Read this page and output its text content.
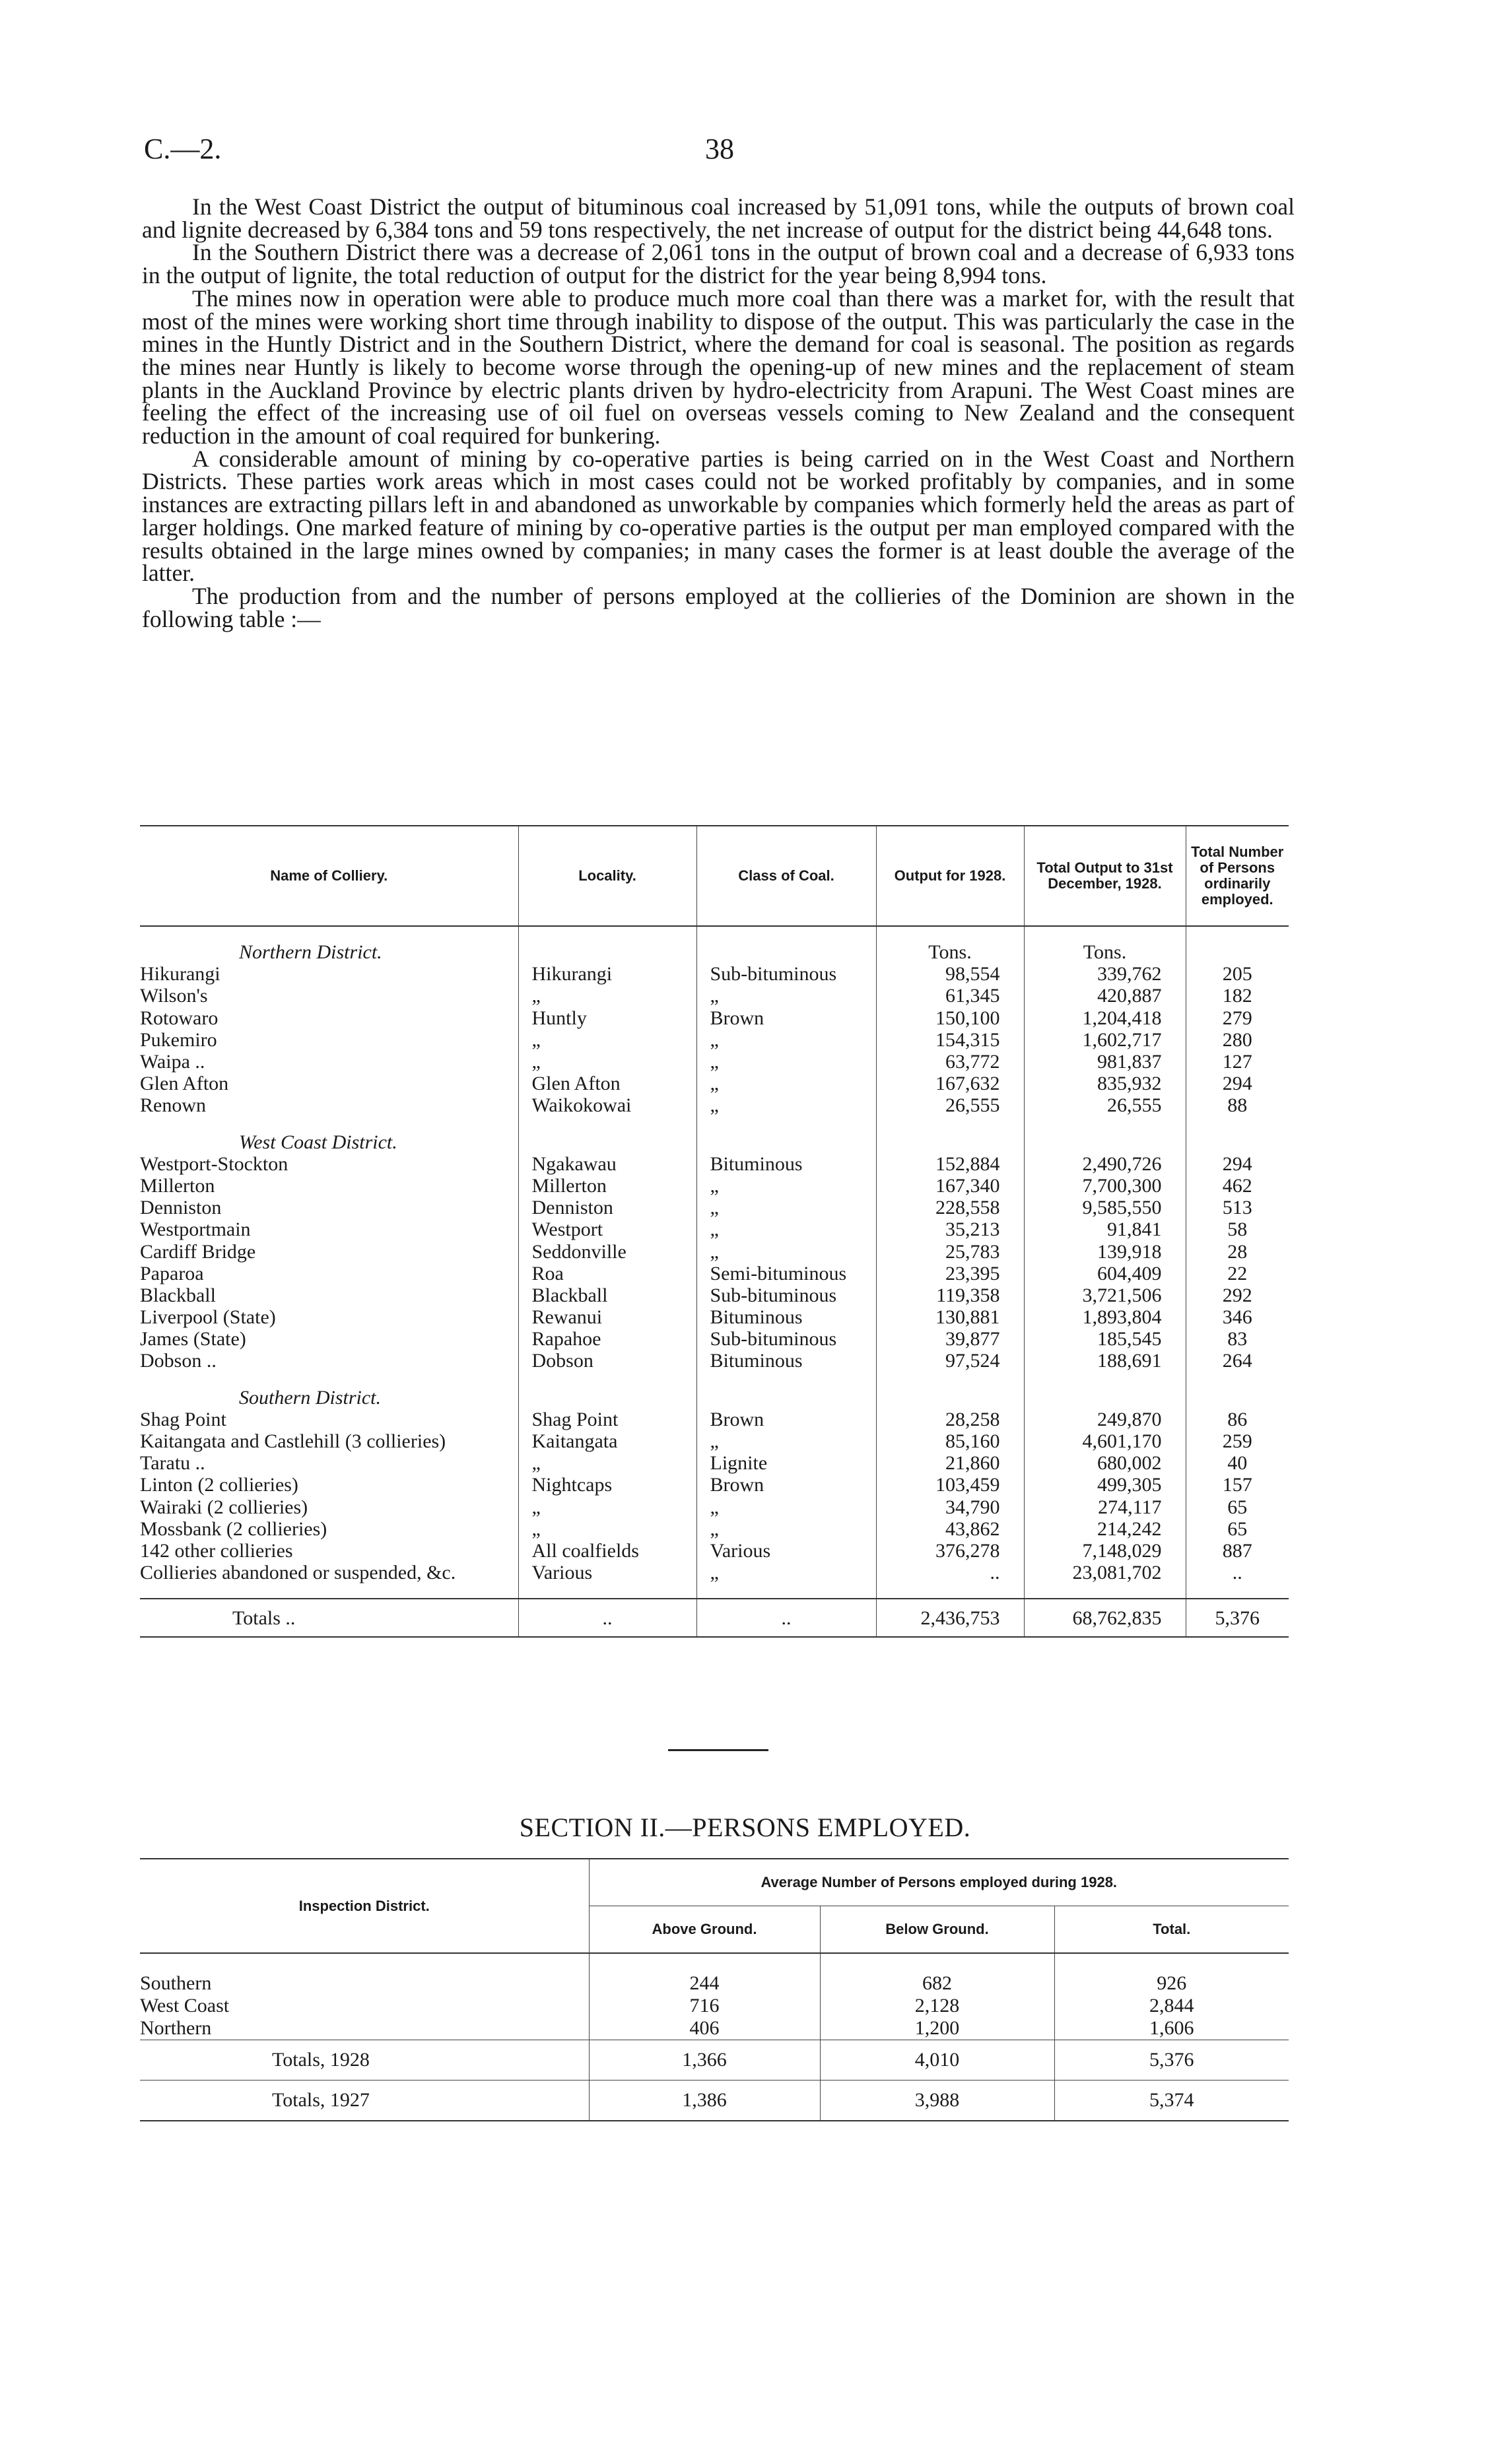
C.—2.	38

In the West Coast District the output of bituminous coal increased by 51,091 tons, while the outputs of brown coal and lignite decreased by 6,384 tons and 59 tons respectively, the net increase of output for the district being 44,648 tons.

In the Southern District there was a decrease of 2,061 tons in the output of brown coal and a decrease of 6,933 tons in the output of lignite, the total reduction of output for the district for the year being 8,994 tons.

The mines now in operation were able to produce much more coal than there was a market for, with the result that most of the mines were working short time through inability to dispose of the output. This was particularly the case in the mines in the Huntly District and in the Southern District, where the demand for coal is seasonal. The position as regards the mines near Huntly is likely to become worse through the opening-up of new mines and the replacement of steam plants in the Auckland Province by electric plants driven by hydro-electricity from Arapuni. The West Coast mines are feeling the effect of the increasing use of oil fuel on overseas vessels coming to New Zealand and the consequent reduction in the amount of coal required for bunkering.

A considerable amount of mining by co-operative parties is being carried on in the West Coast and Northern Districts. These parties work areas which in most cases could not be worked profitably by companies, and in some instances are extracting pillars left in and abandoned as unworkable by companies which formerly held the areas as part of larger holdings. One marked feature of mining by co-operative parties is the output per man employed compared with the results obtained in the large mines owned by companies; in many cases the former is at least double the average of the latter.

The production from and the number of persons employed at the collieries of the Dominion are shown in the following table :—

Name of Colliery.	Locality.	Class of Coal.	Output for 1928.	Total Output to 31st December, 1928.	Total Number of Persons ordinarily employed.

Northern District.			Tons.	Tons.	
Hikurangi	Hikurangi	Sub-bituminous	98,554	339,762	205
Wilson's	„	„	61,345	420,887	182
Rotowaro	Huntly	Brown	150,100	1,204,418	279
Pukemiro	„	„	154,315	1,602,717	280
Waipa ..	„	„	63,772	981,837	127
Glen Afton	Glen Afton	„	167,632	835,932	294
Renown	Waikokowai	„	26,555	26,555	88

West Coast District.					
Westport-Stockton	Ngakawau	Bituminous	152,884	2,490,726	294
Millerton	Millerton	„	167,340	7,700,300	462
Denniston	Denniston	„	228,558	9,585,550	513
Westportmain	Westport	„	35,213	91,841	58
Cardiff Bridge	Seddonville	„	25,783	139,918	28
Paparoa	Roa	Semi-bituminous	23,395	604,409	22
Blackball	Blackball	Sub-bituminous	119,358	3,721,506	292
Liverpool (State)	Rewanui	Bituminous	130,881	1,893,804	346
James (State)	Rapahoe	Sub-bituminous	39,877	185,545	83
Dobson ..	Dobson	Bituminous	97,524	188,691	264

Southern District.					
Shag Point	Shag Point	Brown	28,258	249,870	86
Kaitangata and Castlehill (3 collieries)	Kaitangata	„	85,160	4,601,170	259
Taratu ..	„	Lignite	21,860	680,002	40
Linton (2 collieries)	Nightcaps	Brown	103,459	499,305	157
Wairaki (2 collieries)	„	„	34,790	274,117	65
Mossbank (2 collieries)	„	„	43,862	214,242	65
142 other collieries	All coalfields	Various	376,278	7,148,029	887
Collieries abandoned or suspended, &c.	Various	„	..	23,081,702	..

Totals ..	..	..	2,436,753	68,762,835	5,376
SECTION II.—PERSONS EMPLOYED.
Inspection District.	Average Number of Persons employed during 1928.		
	Above Ground.	Below Ground.	Total.

Southern	244	682	926
West Coast	716	2,128	2,844
Northern	406	1,200	1,606
Totals, 1928	1,366	4,010	5,376
Totals, 1927	1,386	3,988	5,374
